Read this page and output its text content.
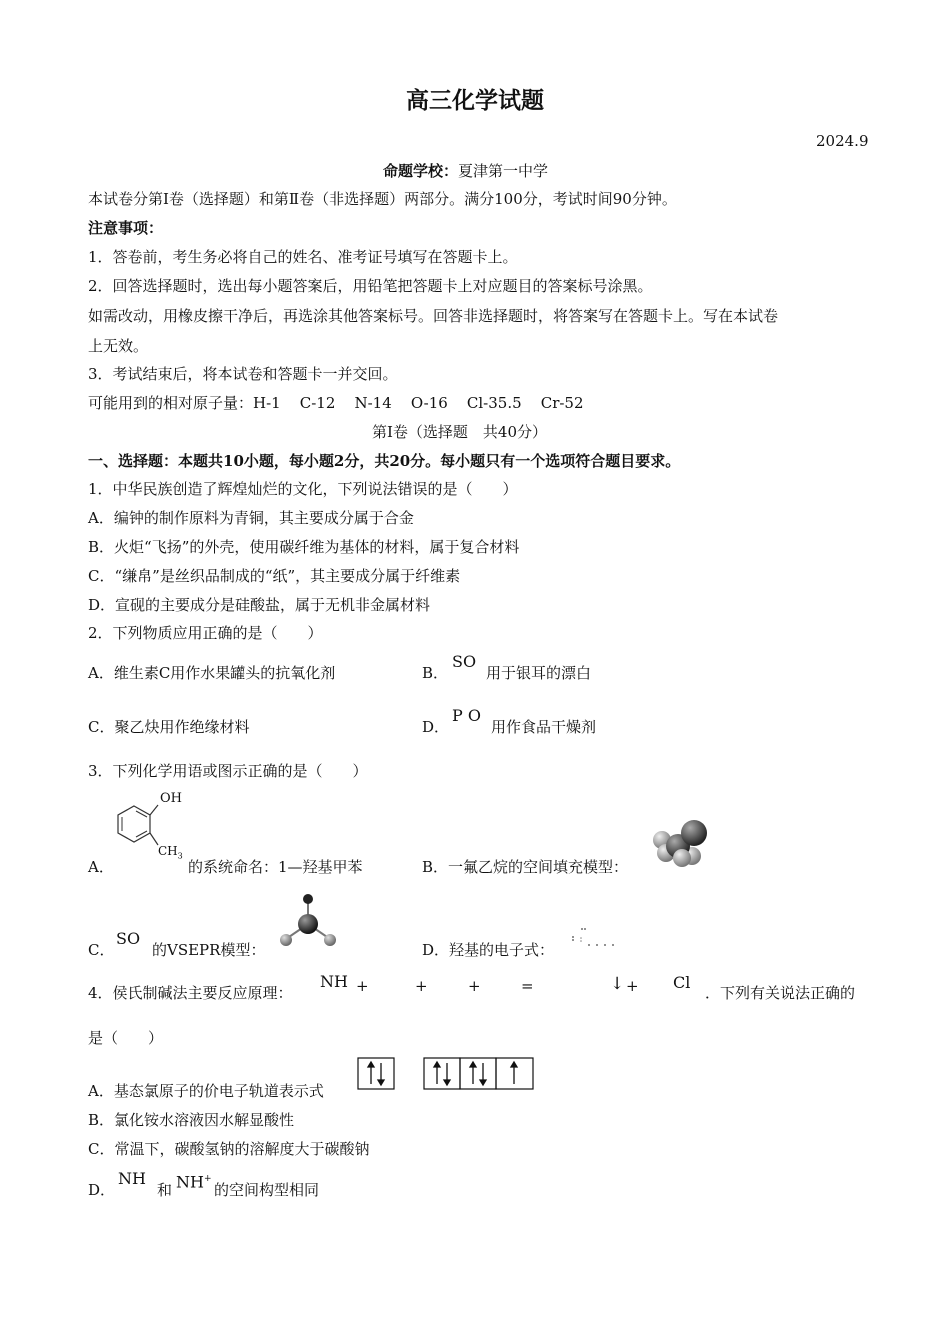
高三化学试题
2024.9
命题学校：夏津第一中学
本试卷分第Ⅰ卷（选择题）和第Ⅱ卷（非选择题）两部分。满分100分，考试时间90分钟。
注意事项：
1．答卷前，考生务必将自己的姓名、准考证号填写在答题卡上。
2．回答选择题时，选出每小题答案后，用铅笔把答题卡上对应题目的答案标号涂黑。
如需改动，用橡皮擦干净后，再选涂其他答案标号。回答非选择题时，将答案写在答题卡上。写在本试卷
上无效。
3．考试结束后，将本试卷和答题卡一并交回。
可能用到的相对原子量：H-1    C-12    N-14    O-16    Cl-35.5    Cr-52
第Ⅰ卷（选择题　共40分）
一、选择题：本题共10小题，每小题2分，共20分。每小题只有一个选项符合题目要求。
1．中华民族创造了辉煌灿烂的文化，下列说法错误的是（　　）
A．编钟的制作原料为青铜，其主要成分属于合金
B．火炬“飞扬”的外壳，使用碳纤维为基体的材料，属于复合材料
C．“缣帛”是丝织品制成的“纸”，其主要成分属于纤维素
D．宣砚的主要成分是硅酸盐，属于无机非金属材料
2．下列物质应用正确的是（　　）
A．维生素C用作水果罐头的抗氧化剂	B．
SO
用于银耳的漂白
C．聚乙炔用作绝缘材料	D．
P O
用作食品干燥剂
3．下列化学用语或图示正确的是（　　）
OH
$CH_3$
A．	的系统命名：1—羟基甲苯	B．一氟乙烷的空间填充模型：
C．
SO
的VSEPR模型：	D．羟基的电子式：
4．侯氏制碱法主要反应原理：
NH +	+	+	=	↓ + Cl
．下列有关说法正确的
是（　　）
A．基态氯原子的价电子轨道表示式
B．氯化铵水溶液因水解显酸性
C．常温下，碳酸氢钠的溶解度大于碳酸钠
D．
NH
和 NH+
的空间构型相同
